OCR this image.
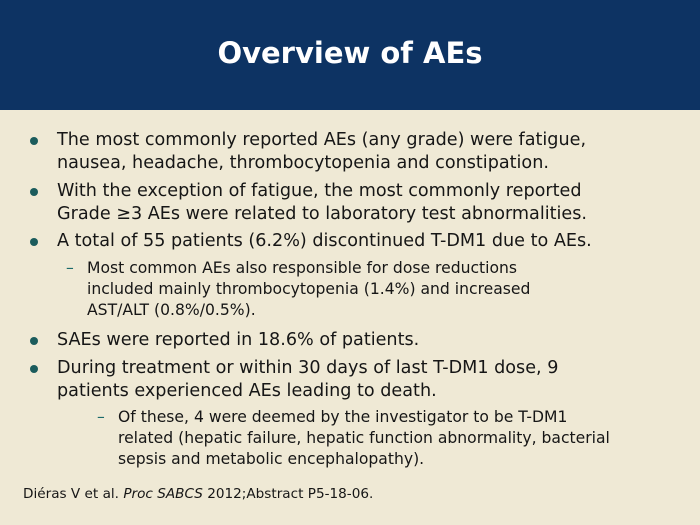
Overview of AEs
The most commonly reported AEs (any grade) were fatigue,
nausea, headache, thrombocytopenia and constipation.
With the exception of fatigue, the most commonly reported
Grade ≥3 AEs were related to laboratory test abnormalities.
A total of 55 patients (6.2%) discontinued T-DM1 due to AEs.
– Most common AEs also responsible for dose reductions
included mainly thrombocytopenia (1.4%) and increased
AST/ALT (0.8%/0.5%).
SAEs were reported in 18.6% of patients.
During treatment or within 30 days of last T-DM1 dose, 9
patients experienced AEs leading to death.
– Of these, 4 were deemed by the investigator to be T-DM1
related (hepatic failure, hepatic function abnormality, bacterial
sepsis and metabolic encephalopathy).
Diéras V et al. Proc SABCS 2012;Abstract P5-18-06.
